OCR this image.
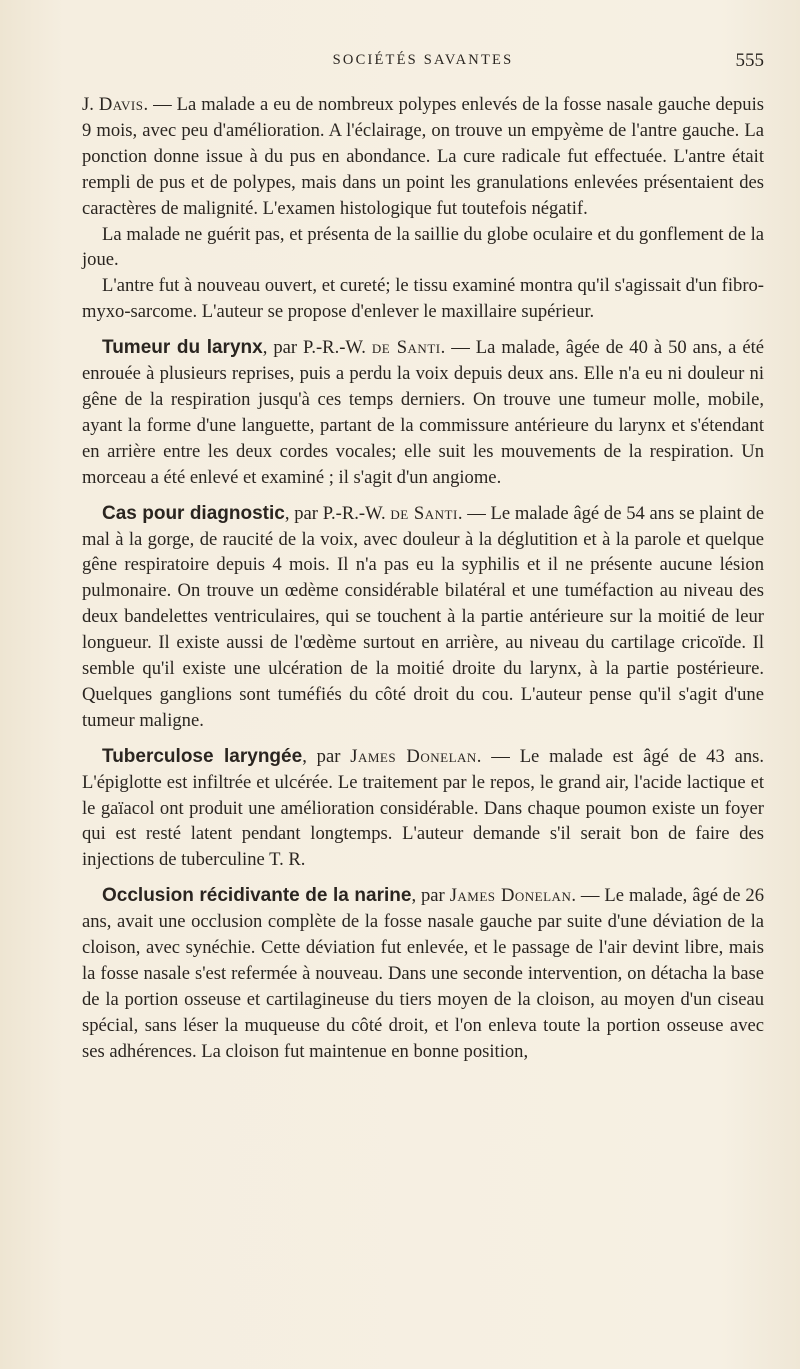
SOCIÉTÉS SAVANTES	555

J. Davis. — La malade a eu de nombreux polypes enlevés de la fosse nasale gauche depuis 9 mois, avec peu d'amélioration. A l'éclairage, on trouve un empyème de l'antre gauche. La ponction donne issue à du pus en abondance. La cure radicale fut effectuée. L'antre était rempli de pus et de polypes, mais dans un point les granulations enlevées présentaient des caractères de malignité. L'examen histologique fut toutefois négatif.

La malade ne guérit pas, et présenta de la saillie du globe oculaire et du gonflement de la joue.

L'antre fut à nouveau ouvert, et cureté; le tissu examiné montra qu'il s'agissait d'un fibro-myxo-sarcome. L'auteur se propose d'enlever le maxillaire supérieur.

Tumeur du larynx, par P.-R.-W. de Santi. — La malade, âgée de 40 à 50 ans, a été enrouée à plusieurs reprises, puis a perdu la voix depuis deux ans. Elle n'a eu ni douleur ni gêne de la respiration jusqu'à ces temps derniers. On trouve une tumeur molle, mobile, ayant la forme d'une languette, partant de la commissure antérieure du larynx et s'étendant en arrière entre les deux cordes vocales; elle suit les mouvements de la respiration. Un morceau a été enlevé et examiné ; il s'agit d'un angiome.

Cas pour diagnostic, par P.-R.-W. de Santi. — Le malade âgé de 54 ans se plaint de mal à la gorge, de raucité de la voix, avec douleur à la déglutition et à la parole et quelque gêne respiratoire depuis 4 mois. Il n'a pas eu la syphilis et il ne présente aucune lésion pulmonaire. On trouve un œdème considérable bilatéral et une tuméfaction au niveau des deux bandelettes ventriculaires, qui se touchent à la partie antérieure sur la moitié de leur longueur. Il existe aussi de l'œdème surtout en arrière, au niveau du cartilage cricoïde. Il semble qu'il existe une ulcération de la moitié droite du larynx, à la partie postérieure. Quelques ganglions sont tuméfiés du côté droit du cou. L'auteur pense qu'il s'agit d'une tumeur maligne.

Tuberculose laryngée, par James Donelan. — Le malade est âgé de 43 ans. L'épiglotte est infiltrée et ulcérée. Le traitement par le repos, le grand air, l'acide lactique et le gaïacol ont produit une amélioration considérable. Dans chaque poumon existe un foyer qui est resté latent pendant longtemps. L'auteur demande s'il serait bon de faire des injections de tuberculine T. R.

Occlusion récidivante de la narine, par James Donelan. — Le malade, âgé de 26 ans, avait une occlusion complète de la fosse nasale gauche par suite d'une déviation de la cloison, avec synéchie. Cette déviation fut enlevée, et le passage de l'air devint libre, mais la fosse nasale s'est refermée à nouveau. Dans une seconde intervention, on détacha la base de la portion osseuse et cartilagineuse du tiers moyen de la cloison, au moyen d'un ciseau spécial, sans léser la muqueuse du côté droit, et l'on enleva toute la portion osseuse avec ses adhérences. La cloison fut maintenue en bonne position,
